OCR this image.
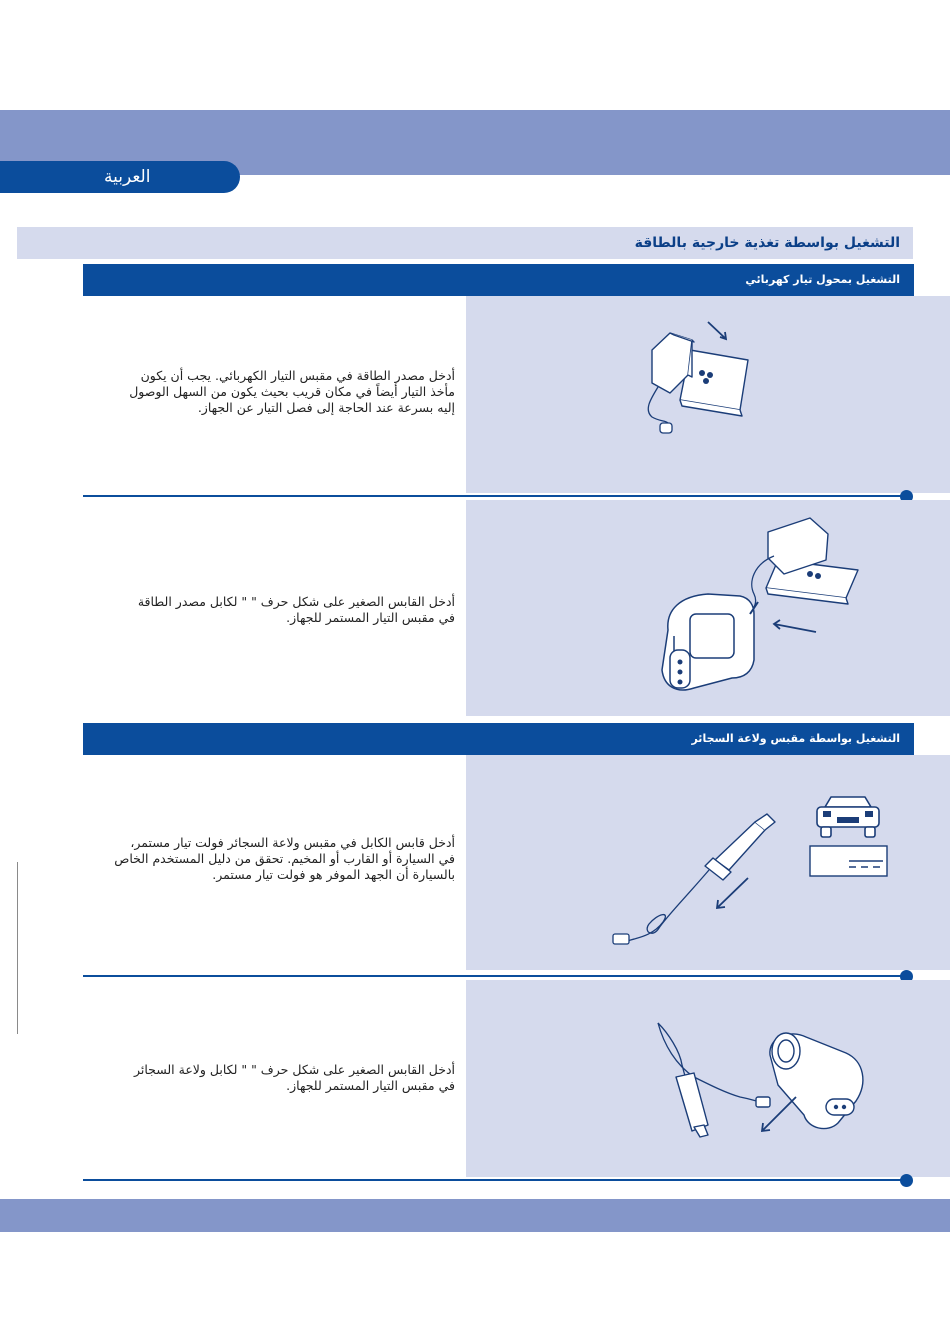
العربية
التشغيل بواسطة تغذية خارجية بالطاقة
التشغيل بمحول تيار كهربائي
أدخل مصدر الطاقة في مقبس التيار الكهربائي. يجب أن يكون
مأخذ التيار أيضاً في مكان قريب بحيث يكون من السهل الوصول
إليه بسرعة عند الحاجة إلى فصل التيار عن الجهاز.
أدخل القابس الصغير على شكل حرف " " لكابل مصدر الطاقة
في مقبس التيار المستمر للجهاز.
التشغيل بواسطة مقبس ولاعة السجائر
أدخل قابس الكابل في مقبس ولاعة السجائر فولت تيار مستمر،
في السيارة أو القارب أو المخيم. تحقق من دليل المستخدم الخاص
بالسيارة أن الجهد الموفر هو فولت تيار مستمر.
أدخل القابس الصغير على شكل حرف " " لكابل ولاعة السجائر
في مقبس التيار المستمر للجهاز.
